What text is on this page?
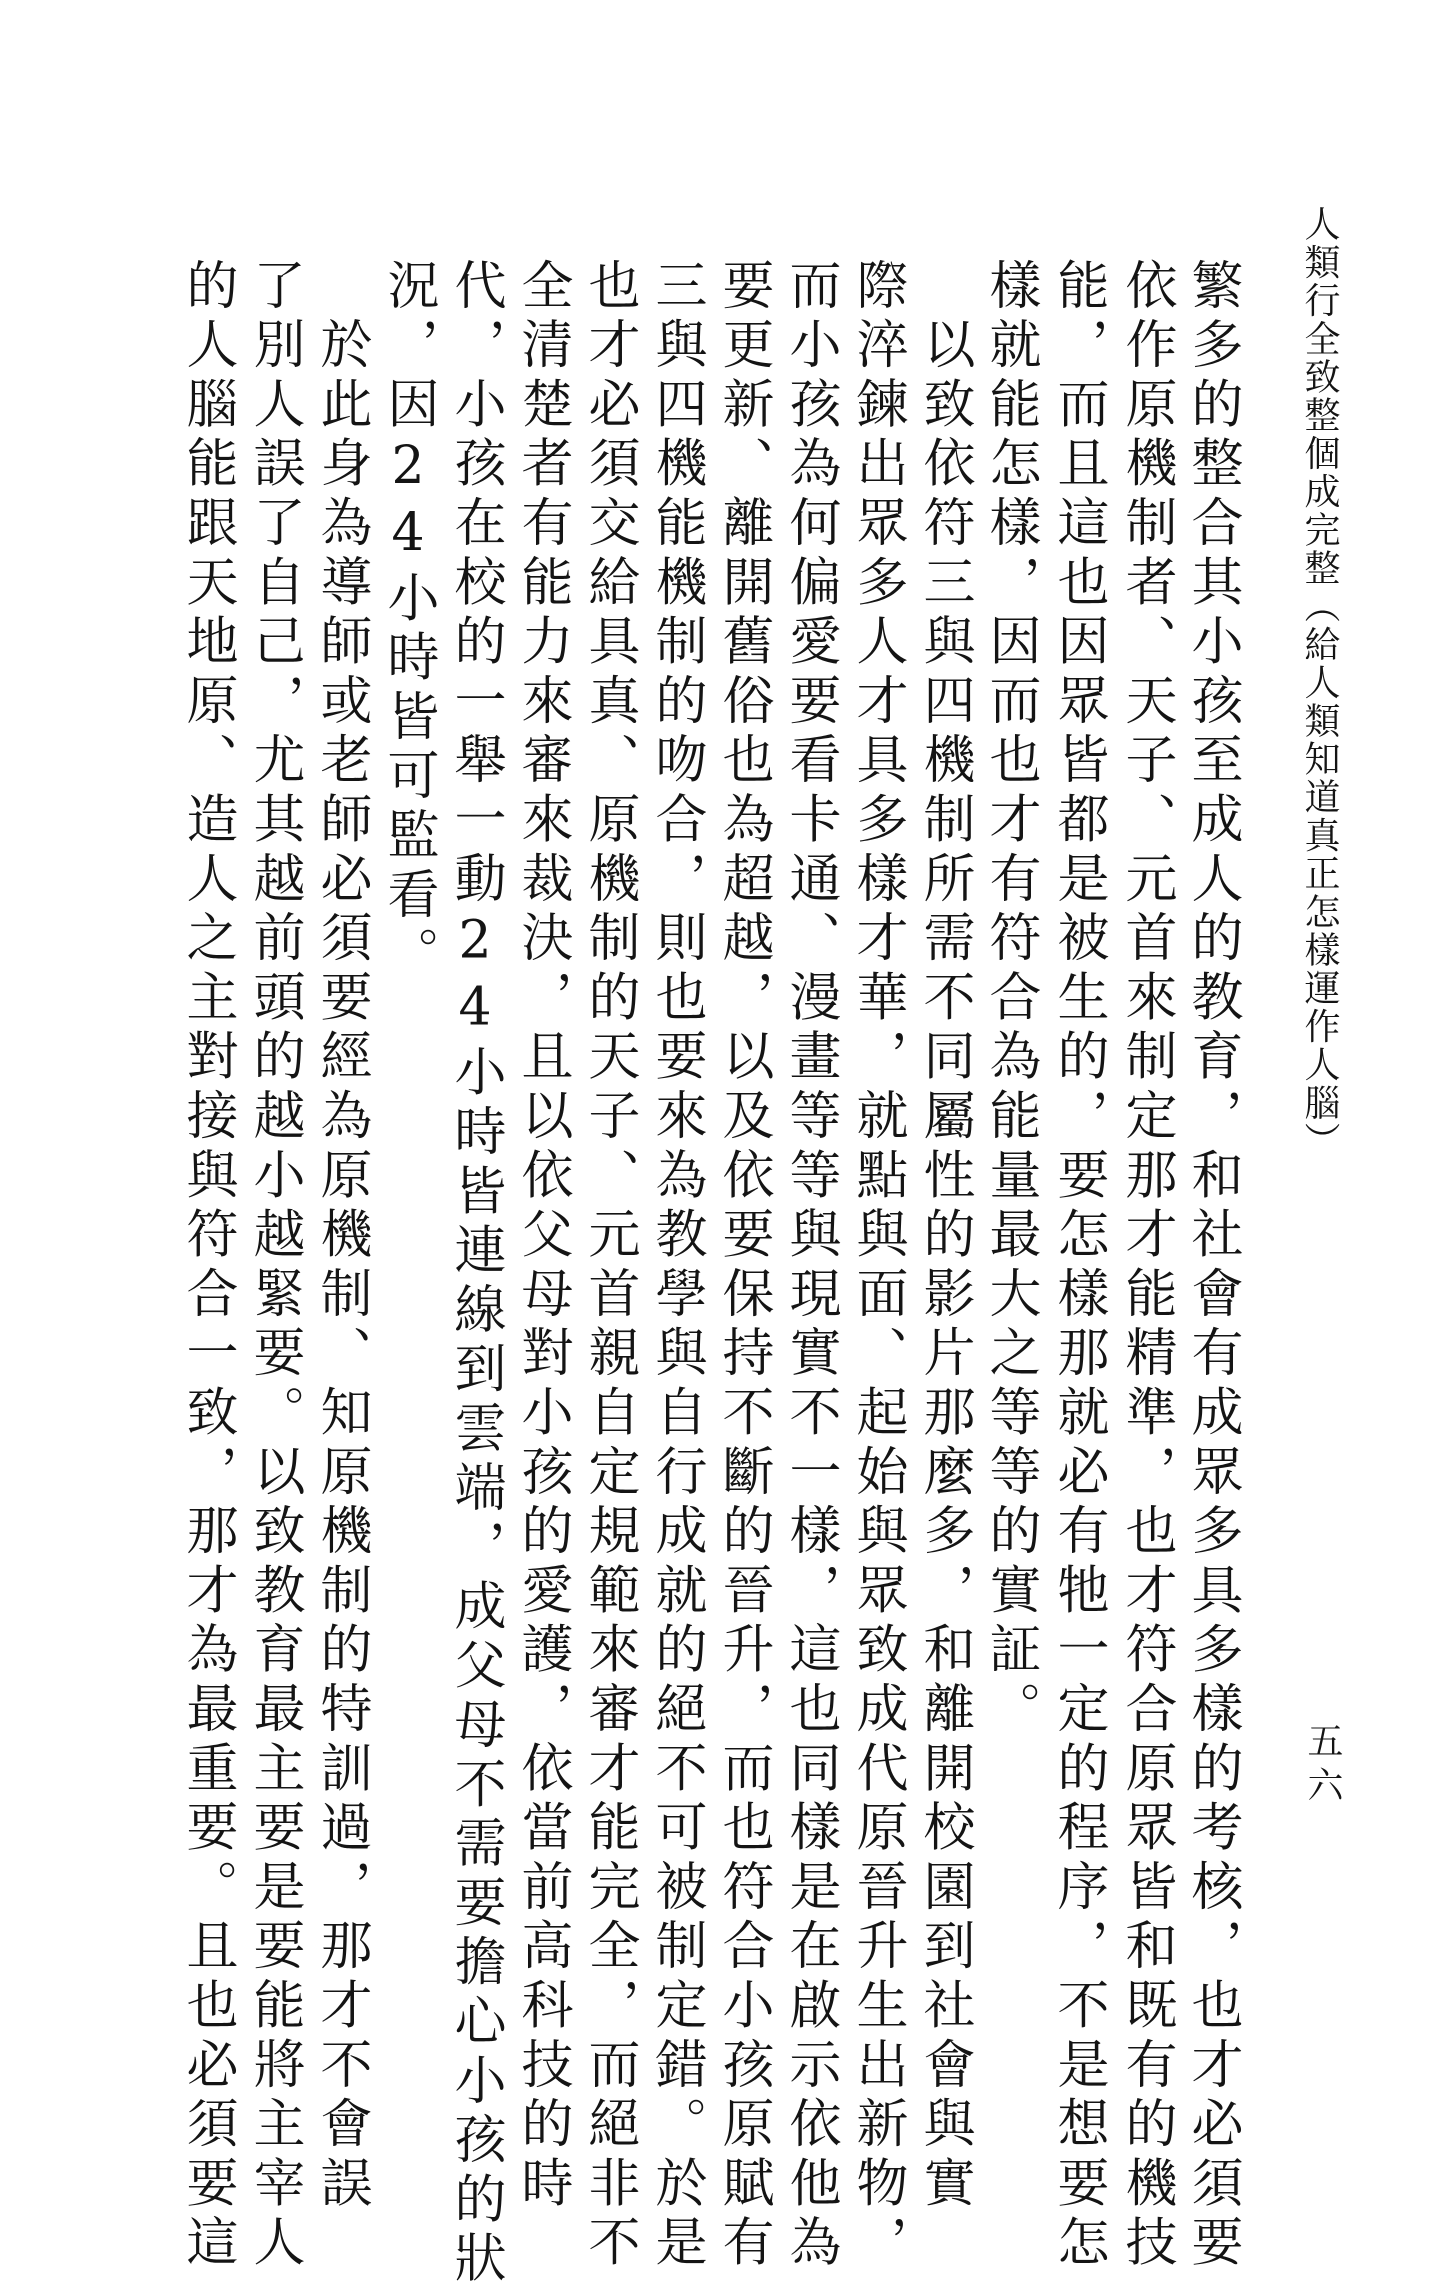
人類行全致整個成完整（給人類知道真正怎樣運作人腦）
五六
繁多的整合其小孩至成人的教育，和社會有成眾多具多樣的考核，也才必須要
依作原機制者、天子、元首來制定那才能精準，也才符合原眾皆和既有的機技
能，而且這也因眾皆都是被生的，要怎樣那就必有牠一定的程序，不是想要怎
樣就能怎樣，因而也才有符合為能量最大之等等的實証。
　以致依符三與四機制所需不同屬性的影片那麼多，和離開校園到社會與實
際淬鍊出眾多人才具多樣才華，就點與面、起始與眾致成代原晉升生出新物，
而小孩為何偏愛要看卡通、漫畫等等與現實不一樣，這也同樣是在啟示依他為
要更新、離開舊俗也為超越，以及依要保持不斷的晉升，而也符合小孩原賦有
三與四機能機制的吻合，則也要來為教學與自行成就的絕不可被制定錯。於是
也才必須交給具真、原機制的天子、元首親自定規範來審才能完全，而絕非不
全清楚者有能力來審來裁決，且以依父母對小孩的愛護，依當前高科技的時
代，小孩在校的一舉一動24小時皆連線到雲端，成父母不需要擔心小孩的狀
況，因24小時皆可監看。
　於此身為導師或老師必須要經為原機制、知原機制的特訓過，那才不會誤
了別人誤了自己，尤其越前頭的越小越緊要。以致教育最主要是要能將主宰人
的人腦能跟天地原、造人之主對接與符合一致，那才為最重要。且也必須要這
